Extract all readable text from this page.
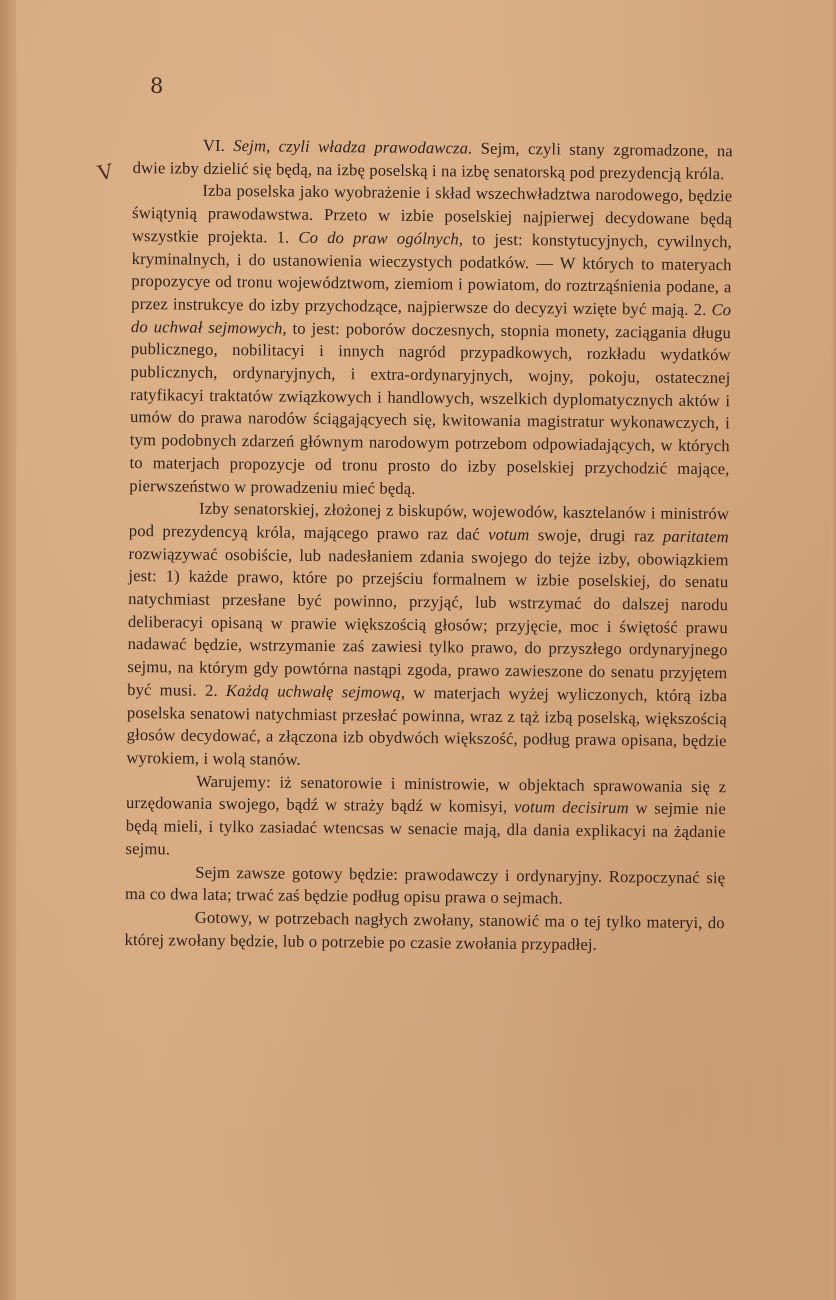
8
V

VI. Sejm, czyli władza prawodawcza. Sejm, czyli stany zgromadzone, na dwie izby dzielić się będą, na izbę poselską i na izbę senatorską pod prezydencją króla.

Izba poselska jako wyobrażenie i skład wszechwładztwa narodowego, będzie świątynią prawodawstwa. Przeto w izbie poselskiej najpierwej decydowane będą wszystkie projekta. 1. Co do praw ogólnych, to jest: konstytucyjnych, cywilnych, kryminalnych, i do ustanowienia wieczystych podatków. — W których to materyach propozycye od tronu województwom, ziemiom i powiatom, do roztrząśnienia podane, a przez instrukcye do izby przychodzące, najpierwsze do decyzyi wzięte być mają. 2. Co do uchwał sejmowych, to jest: poborów doczesnych, stopnia monety, zaciągania długu publicznego, nobilitacyi i innych nagród przypadkowych, rozkładu wydatków publicznych, ordynaryjnych, i extra-ordynaryjnych, wojny, pokoju, ostatecznej ratyfikacyi traktatów związkowych i handlowych, wszelkich dyplomatycznych aktów i umów do prawa narodów ściągającyech się, kwitowania magistratur wykonawczych, i tym podobnych zdarzeń głównym narodowym potrzebom odpowiadających, w których to materjach propozycje od tronu prosto do izby poselskiej przychodzić mające, pierwszeństwo w prowadzeniu mieć będą.

Izby senatorskiej, złożonej z biskupów, wojewodów, kasztelanów i ministrów pod prezydencyą króla, mającego prawo raz dać votum swoje, drugi raz paritatem rozwiązywać osobiście, lub nadesłaniem zdania swojego do tejże izby, obowiązkiem jest: 1) każde prawo, które po przejściu formalnem w izbie poselskiej, do senatu natychmiast przesłane być powinno, przyjąć, lub wstrzymać do dalszej narodu deliberacyi opisaną w prawie większością głosów; przyjęcie, moc i świętość prawu nadawać będzie, wstrzymanie zaś zawiesi tylko prawo, do przyszłego ordynaryjnego sejmu, na którym gdy powtórna nastąpi zgoda, prawo zawieszone do senatu przyjętem być musi. 2. Każdą uchwałę sejmową, w materjach wyżej wyliczonych, którą izba poselska senatowi natychmiast przesłać powinna, wraz z tąż izbą poselską, większością głosów decydować, a złączona izb obydwóch większość, podług prawa opisana, będzie wyrokiem, i wolą stanów.

Warujemy: iż senatorowie i ministrowie, w objektach sprawowania się z urzędowania swojego, bądź w straży bądź w komisyi, votum decisirum w sejmie nie będą mieli, i tylko zasiadać wtencsas w senacie mają, dla dania explikacyi na żądanie sejmu.

Sejm zawsze gotowy będzie: prawodawczy i ordynaryjny. Rozpoczynać się ma co dwa lata; trwać zaś będzie podług opisu prawa o sejmach.

Gotowy, w potrzebach nagłych zwołany, stanowić ma o tej tylko materyi, do której zwołany będzie, lub o potrzebie po czasie zwołania przypadłej.
